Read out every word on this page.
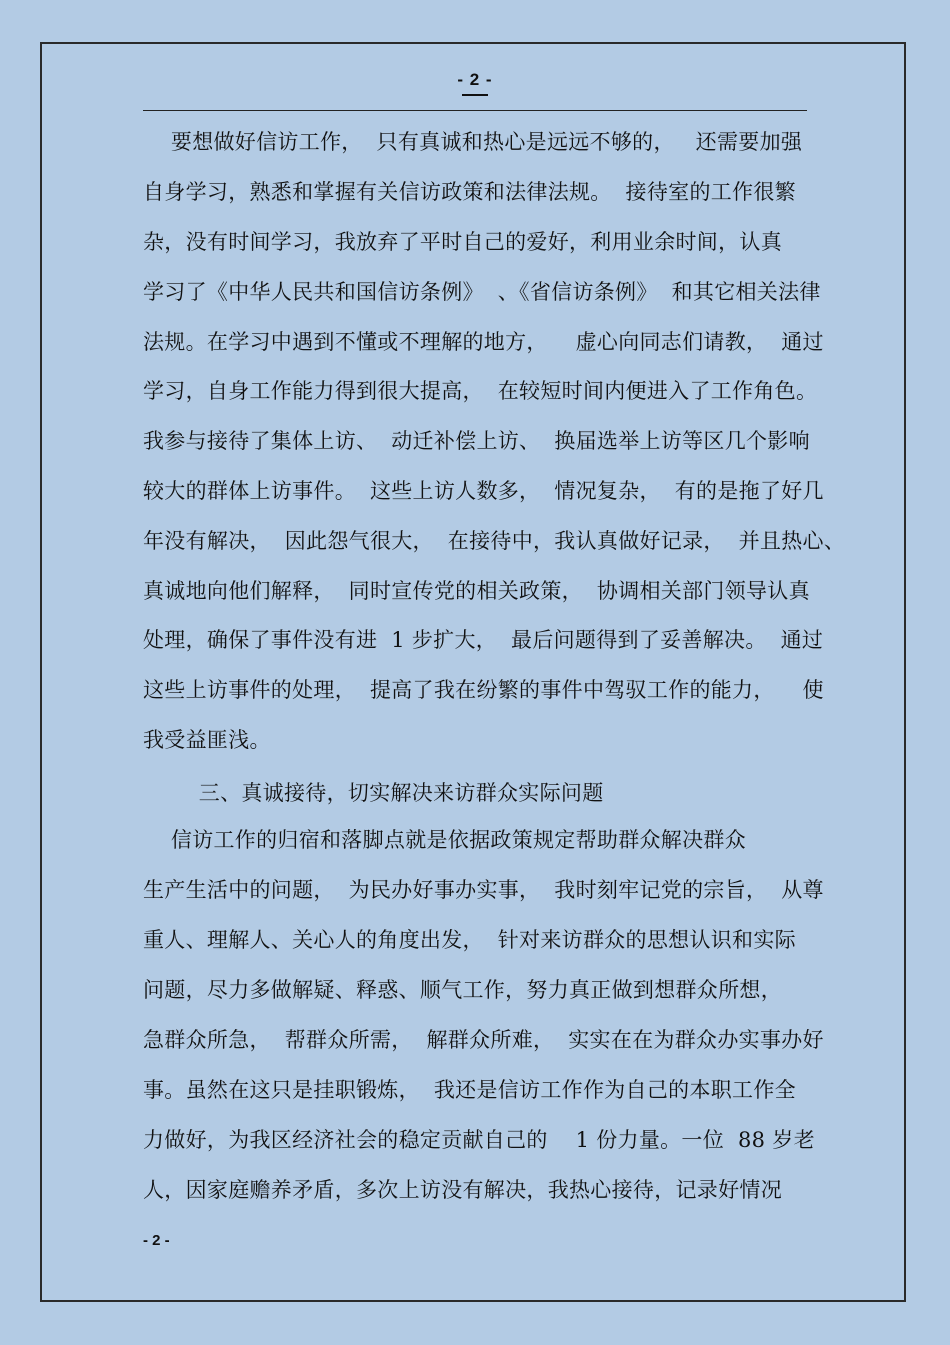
- 2 -
要想做好信访工作，  只有真诚和热心是远远不够的，   还需要加强
自身学习，熟悉和掌握有关信访政策和法律法规。  接待室的工作很繁
杂，没有时间学习，我放弃了平时自己的爱好，利用业余时间，认真
学习了《中华人民共和国信访条例》  、《省信访条例》  和其它相关法律
法规。在学习中遇到不懂或不理解的地方，    虚心向同志们请教，  通过
学习，自身工作能力得到很大提高，  在较短时间内便进入了工作角色。
我参与接待了集体上访、  动迁补偿上访、  换届选举上访等区几个影响
较大的群体上访事件。  这些上访人数多，  情况复杂，  有的是拖了好几
年没有解决，  因此怨气很大，  在接待中，我认真做好记录，  并且热心、
真诚地向他们解释，  同时宣传党的相关政策，  协调相关部门领导认真
处理，确保了事件没有进  1 步扩大，  最后问题得到了妥善解决。  通过
这些上访事件的处理，  提高了我在纷繁的事件中驾驭工作的能力，    使
我受益匪浅。
三、真诚接待，切实解决来访群众实际问题
信访工作的归宿和落脚点就是依据政策规定帮助群众解决群众
生产生活中的问题，  为民办好事办实事，  我时刻牢记党的宗旨，  从尊
重人、理解人、关心人的角度出发，  针对来访群众的思想认识和实际
问题，尽力多做解疑、释惑、顺气工作，努力真正做到想群众所想，
急群众所急，  帮群众所需，  解群众所难，  实实在在为群众办实事办好
事。虽然在这只是挂职锻炼，  我还是信访工作作为自己的本职工作全
力做好，为我区经济社会的稳定贡献自己的    1 份力量。一位  88 岁老
人，因家庭赡养矛盾，多次上访没有解决，我热心接待，记录好情况
- 2 -
